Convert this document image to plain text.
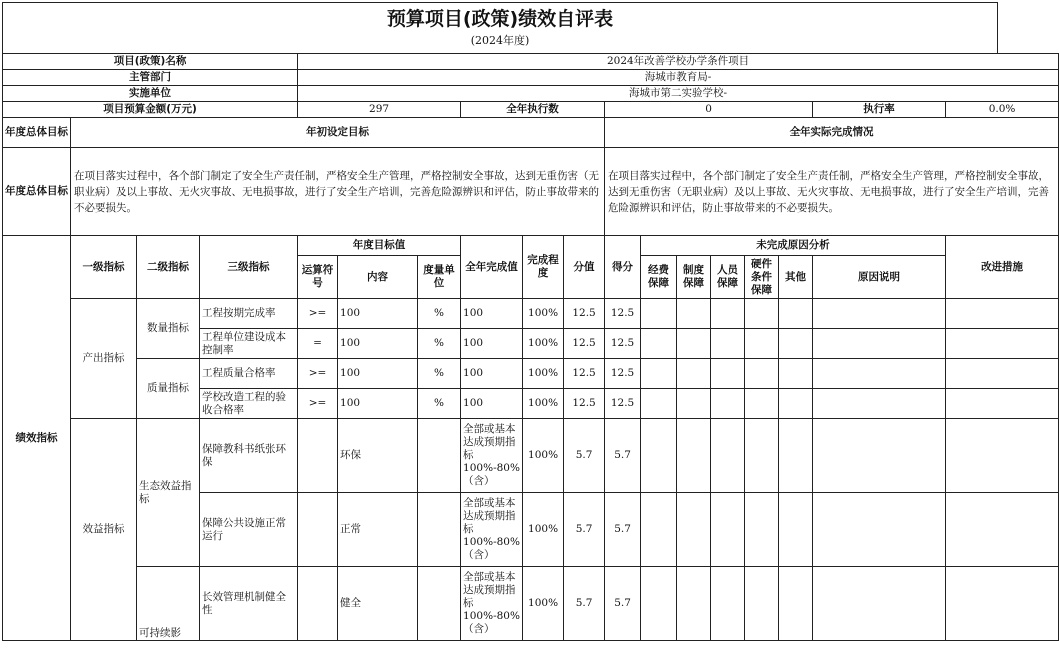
预算项目(政策)绩效自评表
(2024年度)
项目(政策)名称				2024年改善学校办学条件项目													
主管部门				海城市教育局-													
实施单位				海城市第二实验学校-													
项目预算金额(万元)				297			全年执行数			0						执行率	0.0%
年度总体目标	年初设定目标									全年实际完成情况							
年度总体目标	在项目落实过程中，各个部门制定了安全生产责任制，严格安全生产管理，严格控制安全事故，达到无重伤害（无职业病）及以上事故、无火灾事故、无电损事故，进行了安全生产培训，完善危险源辨识和评估，防止事故带来的不必要损失。									在项目落实过程中，各个部门制定了安全生产责任制，严格安全生产管理，严格控制安全事故，达到无重伤害（无职业病）及以上事故、无火灾事故、无电损事故，进行了安全生产培训，完善危险源辨识和评估，防止事故带来的不必要损失。							
绩效指标	一级指标	二级指标	三级指标	年度目标值			全年完成值	完成程度	分值	得分	未完成原因分析						改进措施
				运算符号	内容	度量单位					经费保障	制度保障	人员保障	硬件条件保障	其他	原因说明	
	产出指标	数量指标	工程按期完成率	>=	100	%	100	100%	12.5	12.5							
			工程单位建设成本控制率	=	100	%	100	100%	12.5	12.5							
		质量指标	工程质量合格率	>=	100	%	100	100%	12.5	12.5							
			学校改造工程的验收合格率	>=	100	%	100	100%	12.5	12.5							
	效益指标	生态效益指标	保障教科书纸张环保		环保		全部或基本达成预期指标100%-80%（含）	100%	5.7	5.7							
			保障公共设施正常运行		正常		全部或基本达成预期指标100%-80%（含）	100%	5.7	5.7							
		可持续影	长效管理机制健全性		健全		全部或基本达成预期指标100%-80%（含）	100%	5.7	5.7							
